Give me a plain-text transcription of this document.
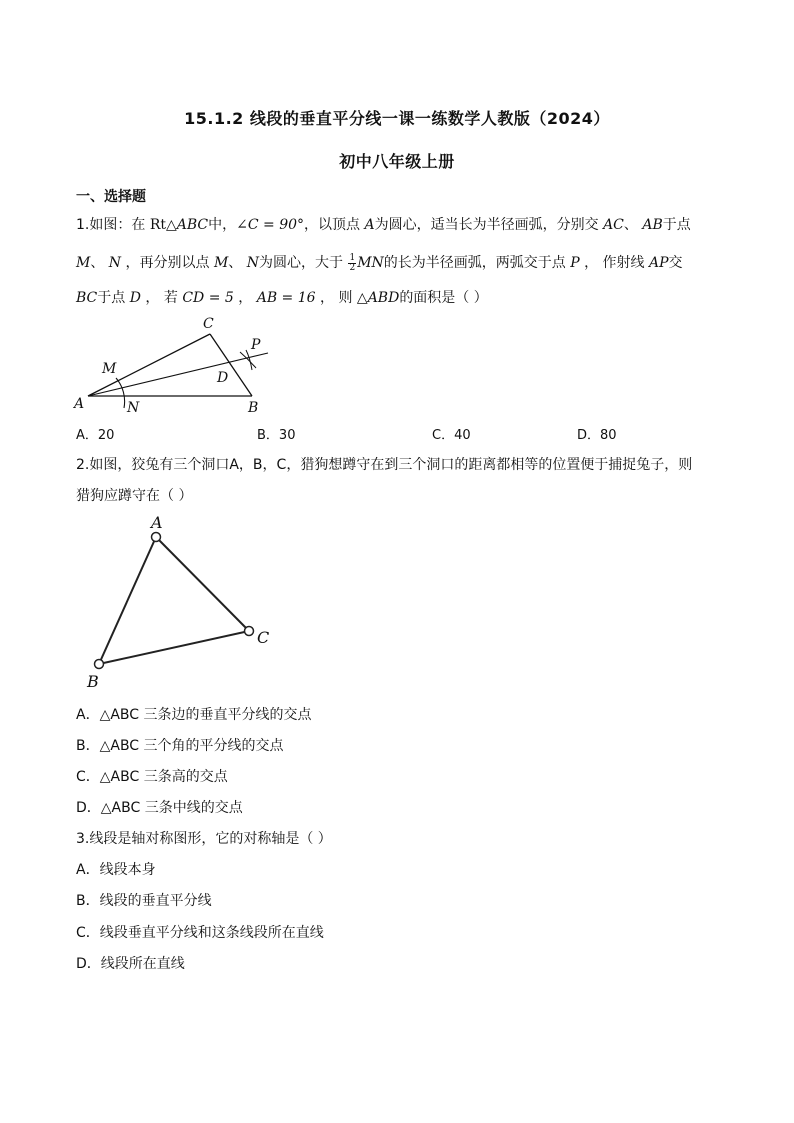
15.1.2 线段的垂直平分线一课一练数学人教版（2024）
初中八年级上册
一、选择题
1.如图：在 Rt△ABC中，∠C = 90°，以顶点 A为圆心，适当长为半径画弧，分别交 AC、 AB于点
M、 N ，再分别以点 M、 N为圆心，大于 $\frac{1}{2}$ MN的长为半径画弧，两弧交于点 P ， 作射线 AP交
BC于点 D ， 若 CD = 5 ， AB = 16 ， 则 △ABD的面积是（ ）
C
P
M
D
A	N	B
A．20	B．30	C．40	D．80
2.如图，狡兔有三个洞口A，B，C，猎狗想蹲守在到三个洞口的距离都相等的位置便于捕捉兔子，则
猎狗应蹲守在（ ）
A
B
C
A．△ABC 三条边的垂直平分线的交点
B．△ABC 三个角的平分线的交点
C．△ABC 三条高的交点
D．△ABC 三条中线的交点
3.线段是轴对称图形，它的对称轴是（ ）
A．线段本身
B．线段的垂直平分线
C．线段垂直平分线和这条线段所在直线
D．线段所在直线
